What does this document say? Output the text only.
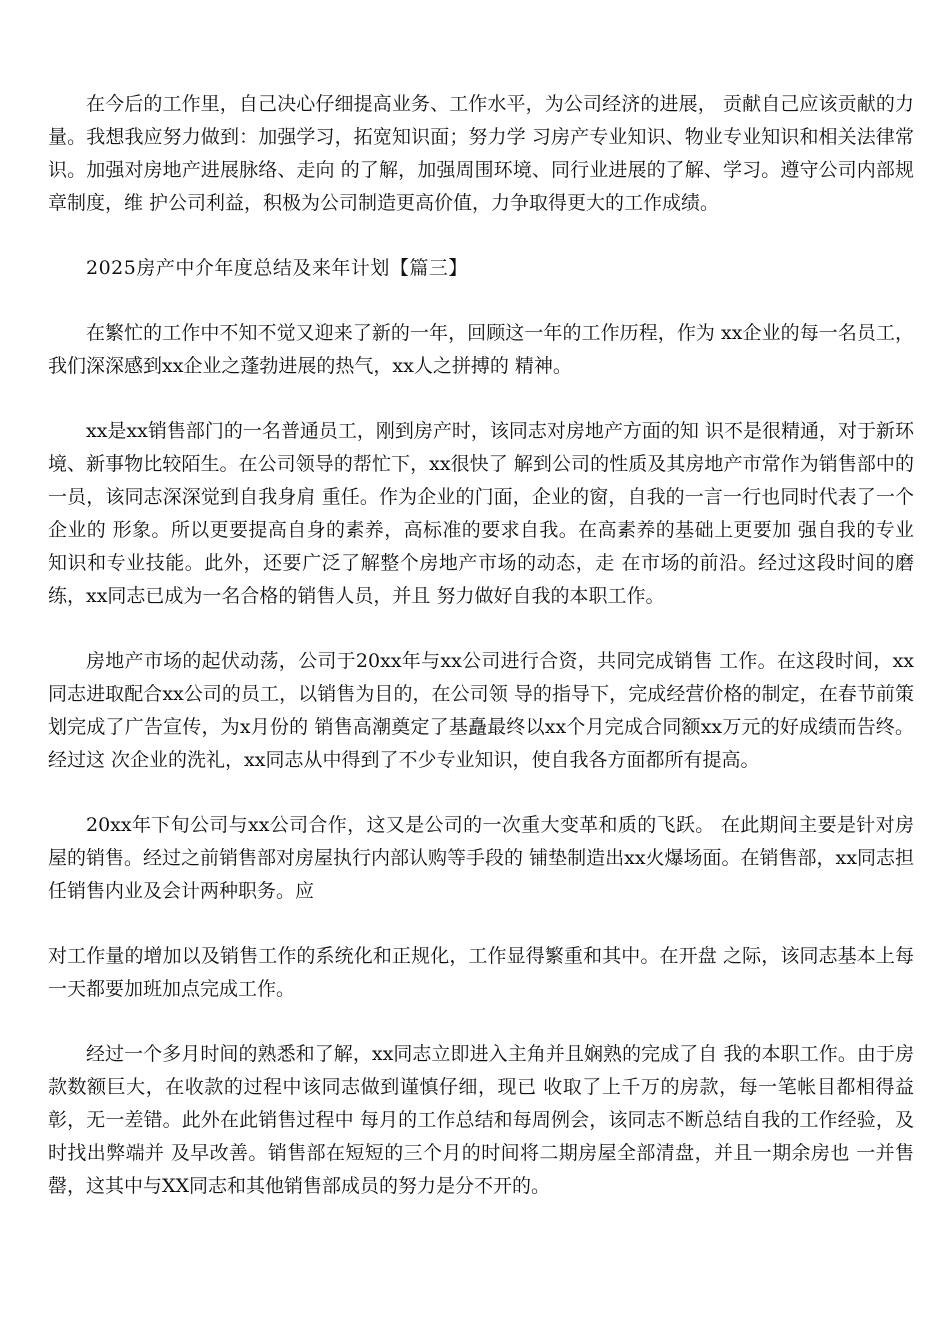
在今后的工作里，自己决心仔细提高业务、工作水平，为公司经济的进展， 贡献自己应该贡献的力量。我想我应努力做到：加强学习，拓宽知识面；努力学 习房产专业知识、物业专业知识和相关法律常识。加强对房地产进展脉络、走向 的了解，加强周围环境、同行业进展的了解、学习。遵守公司内部规章制度，维 护公司利益，积极为公司制造更高价值，力争取得更大的工作成绩。

2025房产中介年度总结及来年计划【篇三】

在繁忙的工作中不知不觉又迎来了新的一年，回顾这一年的工作历程，作为 xx企业的每一名员工，我们深深感到xx企业之蓬勃进展的热气，xx人之拼搏的 精神。

xx是xx销售部门的一名普通员工，刚到房产时，该同志对房地产方面的知 识不是很精通，对于新环境、新事物比较陌生。在公司领导的帮忙下，xx很快了 解到公司的性质及其房地产市常作为销售部中的一员，该同志深深觉到自我身肩 重任。作为企业的门面，企业的窗，自我的一言一行也同时代表了一个企业的 形象。所以更要提高自身的素养，高标准的要求自我。在高素养的基础上更要加 强自我的专业知识和专业技能。此外，还要广泛了解整个房地产市场的动态，走 在市场的前沿。经过这段时间的磨练，xx同志已成为一名合格的销售人员，并且 努力做好自我的本职工作。

房地产市场的起伏动荡，公司于20xx年与xx公司进行合资，共同完成销售 工作。在这段时间，xx同志进取配合xx公司的员工，以销售为目的，在公司领 导的指导下，完成经营价格的制定，在春节前策划完成了广告宣传，为x月份的 销售高潮奠定了基矗最终以xx个月完成合同额xx万元的好成绩而告终。经过这 次企业的洗礼，xx同志从中得到了不少专业知识，使自我各方面都所有提高。

20xx年下旬公司与xx公司合作，这又是公司的一次重大变革和质的飞跃。 在此期间主要是针对房屋的销售。经过之前销售部对房屋执行内部认购等手段的 铺垫制造出xx火爆场面。在销售部，xx同志担任销售内业及会计两种职务。应

对工作量的增加以及销售工作的系统化和正规化，工作显得繁重和其中。在开盘 之际，该同志基本上每一天都要加班加点完成工作。

经过一个多月时间的熟悉和了解，xx同志立即进入主角并且娴熟的完成了自 我的本职工作。由于房款数额巨大，在收款的过程中该同志做到谨慎仔细，现已 收取了上千万的房款，每一笔帐目都相得益彰，无一差错。此外在此销售过程中 每月的工作总结和每周例会，该同志不断总结自我的工作经验，及时找出弊端并 及早改善。销售部在短短的三个月的时间将二期房屋全部清盘，并且一期余房也 一并售罄，这其中与XX同志和其他销售部成员的努力是分不开的。
